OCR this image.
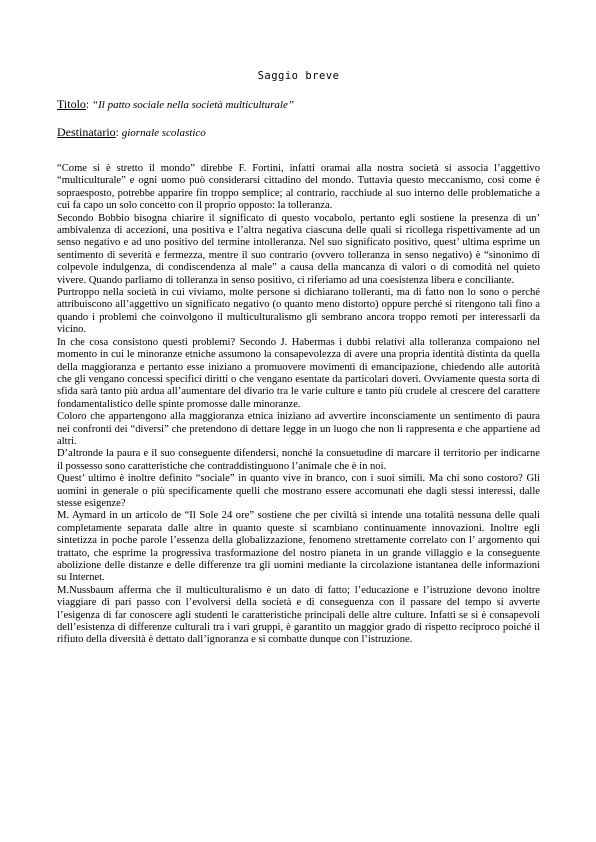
Saggio breve
Titolo: “Il patto sociale nella società multiculturale”
Destinatario: giornale scolastico

“Come si è stretto il mondo” direbbe F. Fortini, infatti oramai alla nostra società si associa l’aggettivo “multiculturale” e ogni uomo può considerarsi cittadino del mondo. Tuttavia questo meccanismo, così come è sopraesposto, potrebbe apparire fin troppo semplice; al contrario, racchiude al suo interno delle problematiche a cui fa capo un solo concetto con il proprio opposto: la tolleranza.

Secondo Bobbio bisogna chiarire il significato di questo vocabolo, pertanto egli sostiene la presenza di un’ ambivalenza di accezioni, una positiva e l’altra negativa ciascuna delle quali si ricollega rispettivamente ad un senso negativo e ad uno positivo del termine intolleranza. Nel suo significato positivo, quest’ ultima esprime un sentimento di severità e fermezza, mentre il suo contrario (ovvero tolleranza in senso negativo) è “sinonimo di colpevole indulgenza, di condiscendenza al male” a causa della mancanza di valori o di comodità nel quieto vivere. Quando parliamo di tolleranza in senso positivo, ci riferiamo ad una coesistenza libera e conciliante.

Purtroppo nella società in cui viviamo, molte persone si dichiarano tolleranti, ma di fatto non lo sono o perché attribuiscono all’aggettivo un significato negativo (o quanto meno distorto) oppure perché si ritengono tali fino a quando i problemi che coinvolgono il multiculturalismo gli sembrano ancora troppo remoti per interessarli da vicino.

In che cosa consistono questi problemi? Secondo J. Habermas i dubbi relativi alla tolleranza compaiono nel momento in cui le minoranze etniche assumono la consapevolezza di avere una propria identità distinta da quella della maggioranza e pertanto esse iniziano a promuovere movimenti di emancipazione, chiedendo alle autorità che gli vengano concessi specifici diritti o che vengano esentate da particolari doveri. Ovviamente questa sorta di sfida sarà tanto più ardua all’aumentare del divario tra le varie culture e tanto più crudele al crescere del carattere fondamentalistico delle spinte promosse dalle minoranze.

Coloro che appartengono alla maggioranza etnica iniziano ad avvertire inconsciamente un sentimento di paura nei confronti dei “diversi” che pretendono di dettare legge in un luogo che non li rappresenta e che appartiene ad altri.

D’altronde la paura e il suo conseguente difendersi, nonché la consuetudine di marcare il territorio per indicarne il possesso sono caratteristiche che contraddistinguono l’animale che è in noi.

Quest’ ultimo è inoltre definito “sociale” in quanto vive in branco, con i suoi simili. Ma chi sono costoro? Gli uomini in generale o più specificamente quelli che mostrano essere accomunati ehe dagli stessi interessi, dalle stesse esigenze?

M. Aymard in un articolo de “Il Sole 24 ore” sostiene che per civiltà si intende una totalità nessuna delle quali completamente separata dalle altre in quanto queste si scambiano continuamente innovazioni. Inoltre egli sintetizza in poche parole l’essenza della globalizzazione, fenomeno strettamente correlato con l’ argomento qui trattato, che esprime la progressiva trasformazione del nostro pianeta in un grande villaggio e la conseguente abolizione delle distanze e delle differenze tra gli uomini mediante la circolazione istantanea delle informazioni su Internet.

M.Nussbaum afferma che il multiculturalismo è un dato di fatto; l’educazione e l’istruzione devono inoltre viaggiare di pari passo con l’evolversi della società e di conseguenza con il passare del tempo si avverte l’esigenza di far conoscere agli studenti le caratteristiche principali delle altre culture. Infatti se si è consapevoli dell’esistenza di differenze culturali tra i vari gruppi, è garantito un maggior grado di rispetto reciproco poiché il rifiuto della diversità è dettato dall’ignoranza e si combatte dunque con l’istruzione.
